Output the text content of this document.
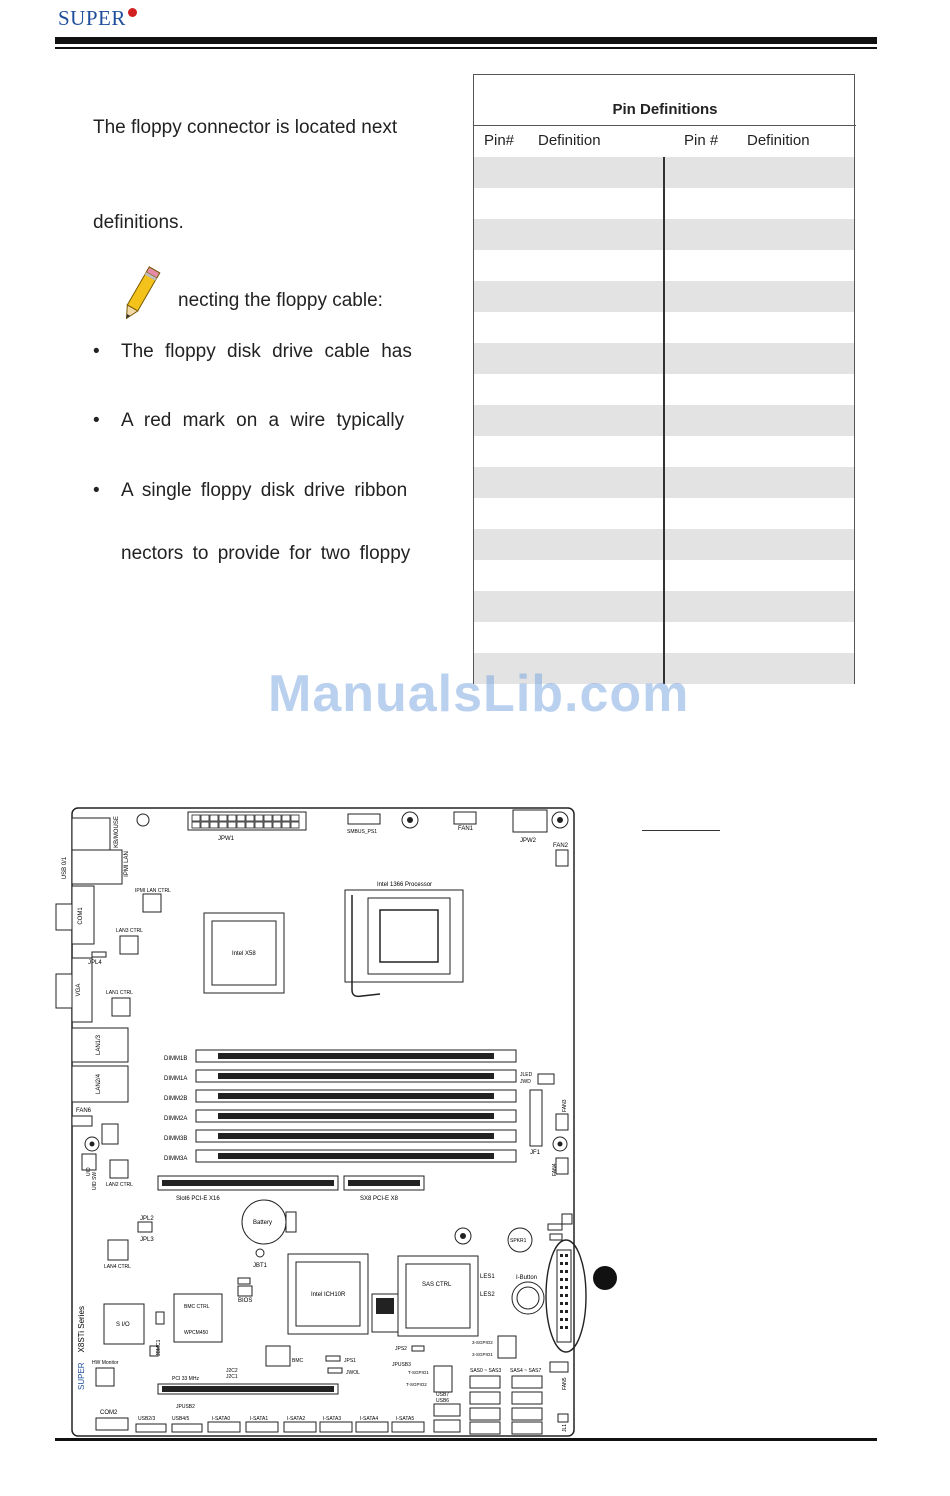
SUPER
The floppy connector is located next
definitions.
necting the floppy cable:
• The floppy disk drive cable has
• A red mark on a wire typically
• A single floppy disk drive ribbon
nectors to provide for two floppy
Pin Definitions
Pin# Definition	Pin # Definition
ManualsLib.com
KB/MOUSE
USB 0/1	IPMI LAN
COM1
VGA
LAN1/3
LAN2/4
JPW1
SMBUS_PS1	FAN1
JPW2
FAN2
IPMI LAN CTRL
Intel 1366 Processor
Intel X58
LAN3 CTRL
JPL4
LAN1 CTRL
DIMM1B
DIMM1A
DIMM2B
DIMM2A
DIMM3B
DIMM3A
JLED
JWD
JF1
FAN3
FAN4
FAN6
UID
UID SW LAN2 CTRL
Slot6 PCI-E X16	SX8 PCI-E X8
Battery
JBT1
JPL2
JPL3
LAN4 CTRL
SPKR1
Intel ICH10R
SAS CTRL
LES1
LES2
I-Button
BIOS
BMC CTRL
WPCM450
S I/O
JBMC1
SUPERX8STi Series
HW Monitor
PCI 33 MHz
JPUSB2
BMC	JPS1
JWOL
JPS2
JPUSB3
3-SGPIO2
3-SGPIO1
T-SGPIO1
T-SGPIO2
J2C2
J2C1
SAS0 ~ SAS3 SAS4 ~ SAS7
FAN5
JL1
USB7
USB6
I-SATA0	I-SATA1	I-SATA2	I-SATA3	I-SATA4	I-SATA5
COM2
USB2/3	USB4/5
